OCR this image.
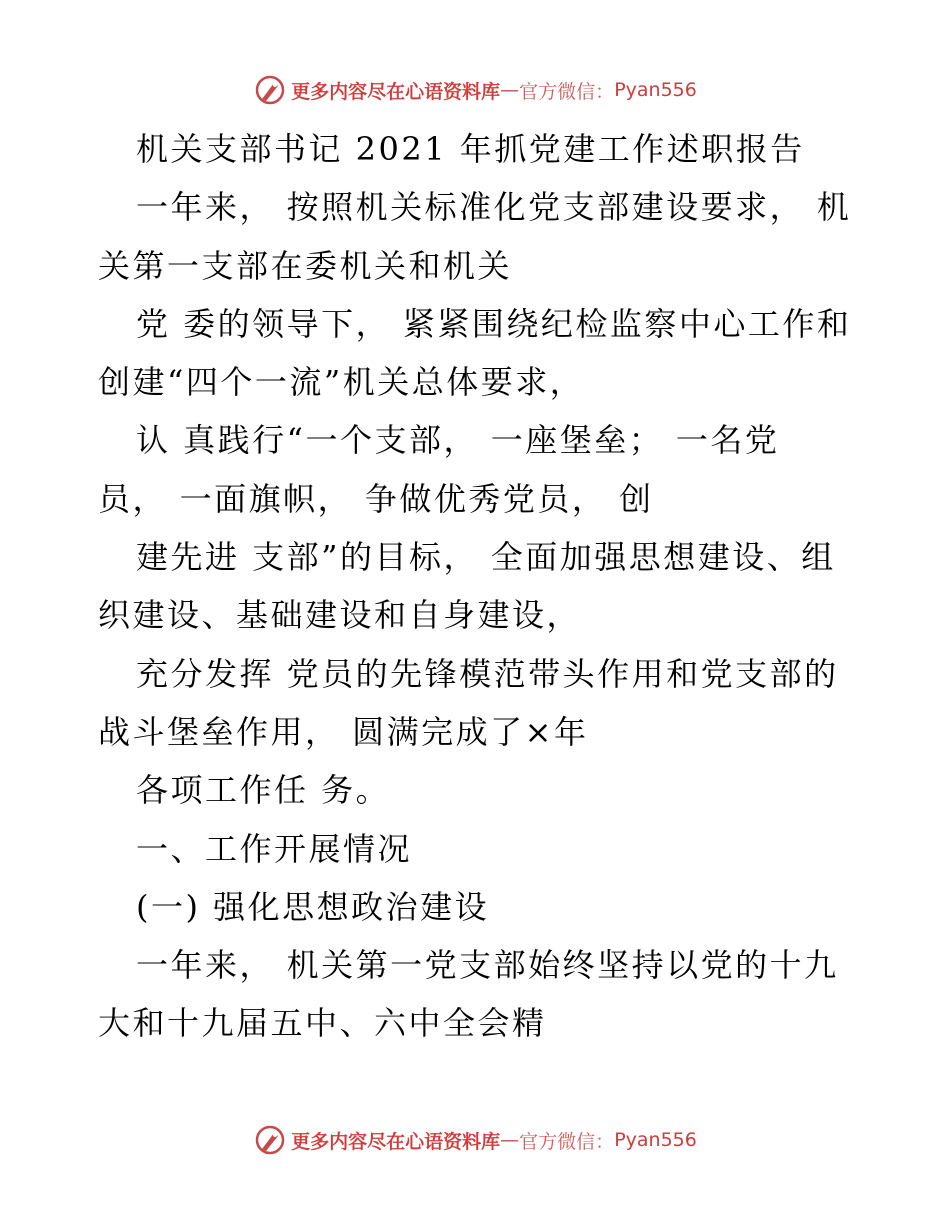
更多内容尽在心语资料库 — 官方微信： Pyan556
机关支部书记 2021 年抓党建工作述职报告
一年来， 按照机关标准化党支部建设要求， 机
关第一支部在委机关和机关
党 委的领导下， 紧紧围绕纪检监察中心工作和
创建“四个一流”机关总体要求，
认 真践行“一个支部， 一座堡垒； 一名党
员， 一面旗帜， 争做优秀党员， 创
建先进 支部”的目标， 全面加强思想建设、组
织建设、基础建设和自身建设，
充分发挥 党员的先锋模范带头作用和党支部的
战斗堡垒作用， 圆满完成了×年
各项工作任 务。
一、工作开展情况
(一) 强化思想政治建设
一年来， 机关第一党支部始终坚持以党的十九
大和十九届五中、六中全会精
更多内容尽在心语资料库 — 官方微信： Pyan556
